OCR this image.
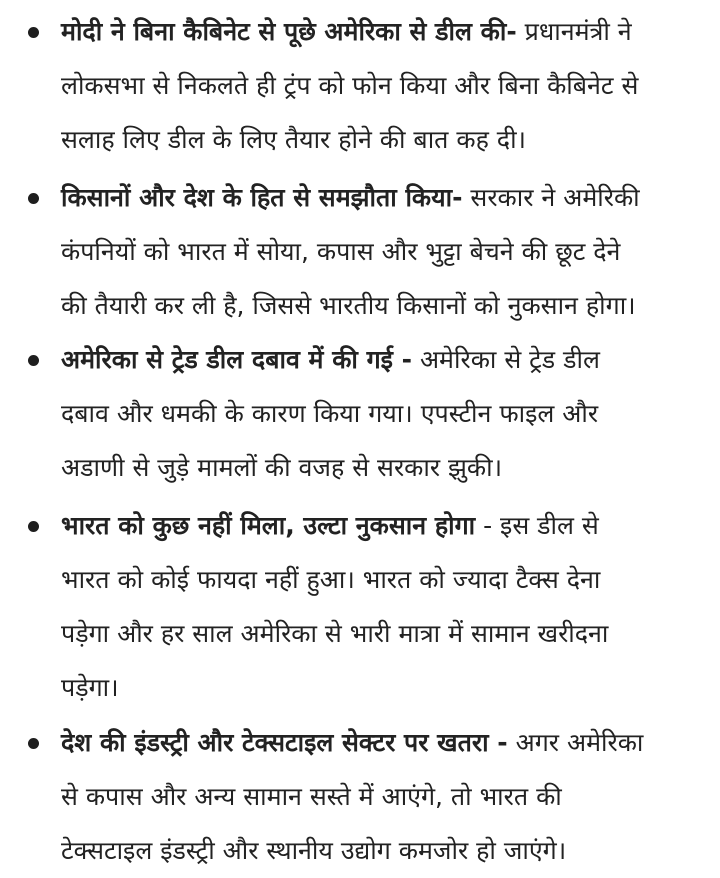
मोदी ने बिना कैबिनेट से पूछे अमेरिका से डील की- प्रधानमंत्री ने
लोकसभा से निकलते ही ट्रंप को फोन किया और बिना कैबिनेट से
सलाह लिए डील के लिए तैयार होने की बात कह दी।
किसानों और देश के हित से समझौता किया- सरकार ने अमेरिकी
कंपनियों को भारत में सोया, कपास और भुट्टा बेचने की छूट देने
की तैयारी कर ली है, जिससे भारतीय किसानों को नुकसान होगा।
अमेरिका से ट्रेड डील दबाव में की गई - अमेरिका से ट्रेड डील
दबाव और धमकी के कारण किया गया। एपस्टीन फाइल और
अडाणी से जुड़े मामलों की वजह से सरकार झुकी।
भारत को कुछ नहीं मिला, उल्टा नुकसान होगा - इस डील से
भारत को कोई फायदा नहीं हुआ। भारत को ज्यादा टैक्स देना
पड़ेगा और हर साल अमेरिका से भारी मात्रा में सामान खरीदना
पड़ेगा।
देश की इंडस्ट्री और टेक्सटाइल सेक्टर पर खतरा - अगर अमेरिका
से कपास और अन्य सामान सस्ते में आएंगे, तो भारत की
टेक्सटाइल इंडस्ट्री और स्थानीय उद्योग कमजोर हो जाएंगे।
